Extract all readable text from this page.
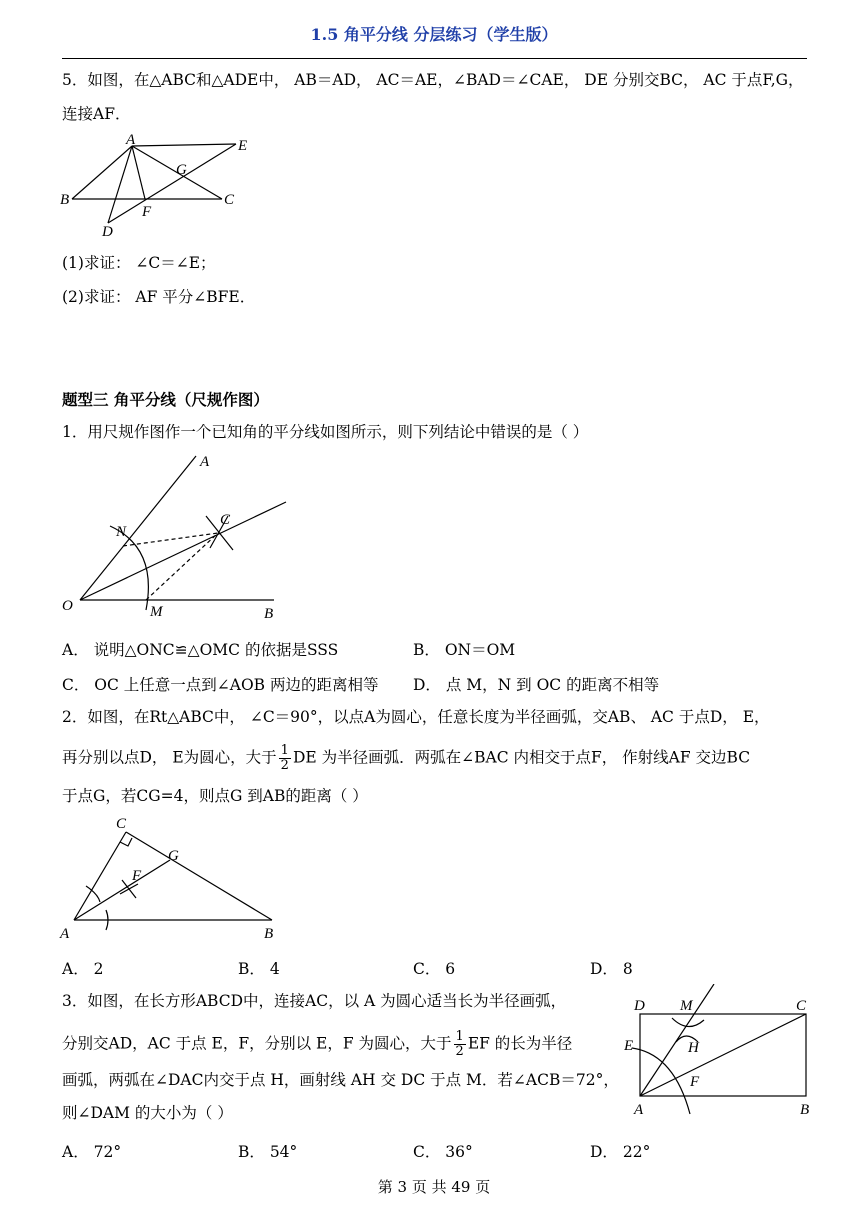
1.5 角平分线 分层练习（学生版）
5．如图，在△ABC和△ADE中， AB＝AD， AC＝AE，∠BAD＝∠CAE， DE 分别交BC， AC 于点F,G，
连接AF．
A
B	C
D
E
F
G
(1)求证： ∠C＝∠E；
(2)求证： AF 平分∠BFE．
题型三 角平分线（尺规作图）
1．用尺规作图作一个已知角的平分线如图所示，则下列结论中错误的是（ ）
A
B
C
N
M
O
A． 说明△ONC≌△OMC 的依据是SSS	B． ON＝OM
C． OC 上任意一点到∠AOB 两边的距离相等 D． 点 M，N 到 OC 的距离不相等
2．如图，在Rt△ABC中， ∠C＝90°，以点A为圆心，任意长度为半径画弧，交AB、 AC 于点D， E，
再分别以点D， E为圆心，大于 $\frac{1}{2}$ DE 为半径画弧．两弧在∠BAC 内相交于点F， 作射线AF 交边BC
于点G，若CG=4，则点G 到AB的距离（ ）
C
A	B
F
G
A． 2	B． 4	C． 6	D． 8
3．如图，在长方形ABCD中，连接AC，以 A 为圆心适当长为半径画弧，
分别交AD，AC 于点 E，F，分别以 E，F 为圆心，大于 $\frac{1}{2}$ EF 的长为半径
画弧，两弧在∠DAC内交于点 H，画射线 AH 交 DC 于点 M．若∠ACB＝72°，
则∠DAM 的大小为（ ）
D M	C
E	H
F
A	B
A． 72°	B． 54°	C． 36°	D． 22°
第 3 页 共 49 页
